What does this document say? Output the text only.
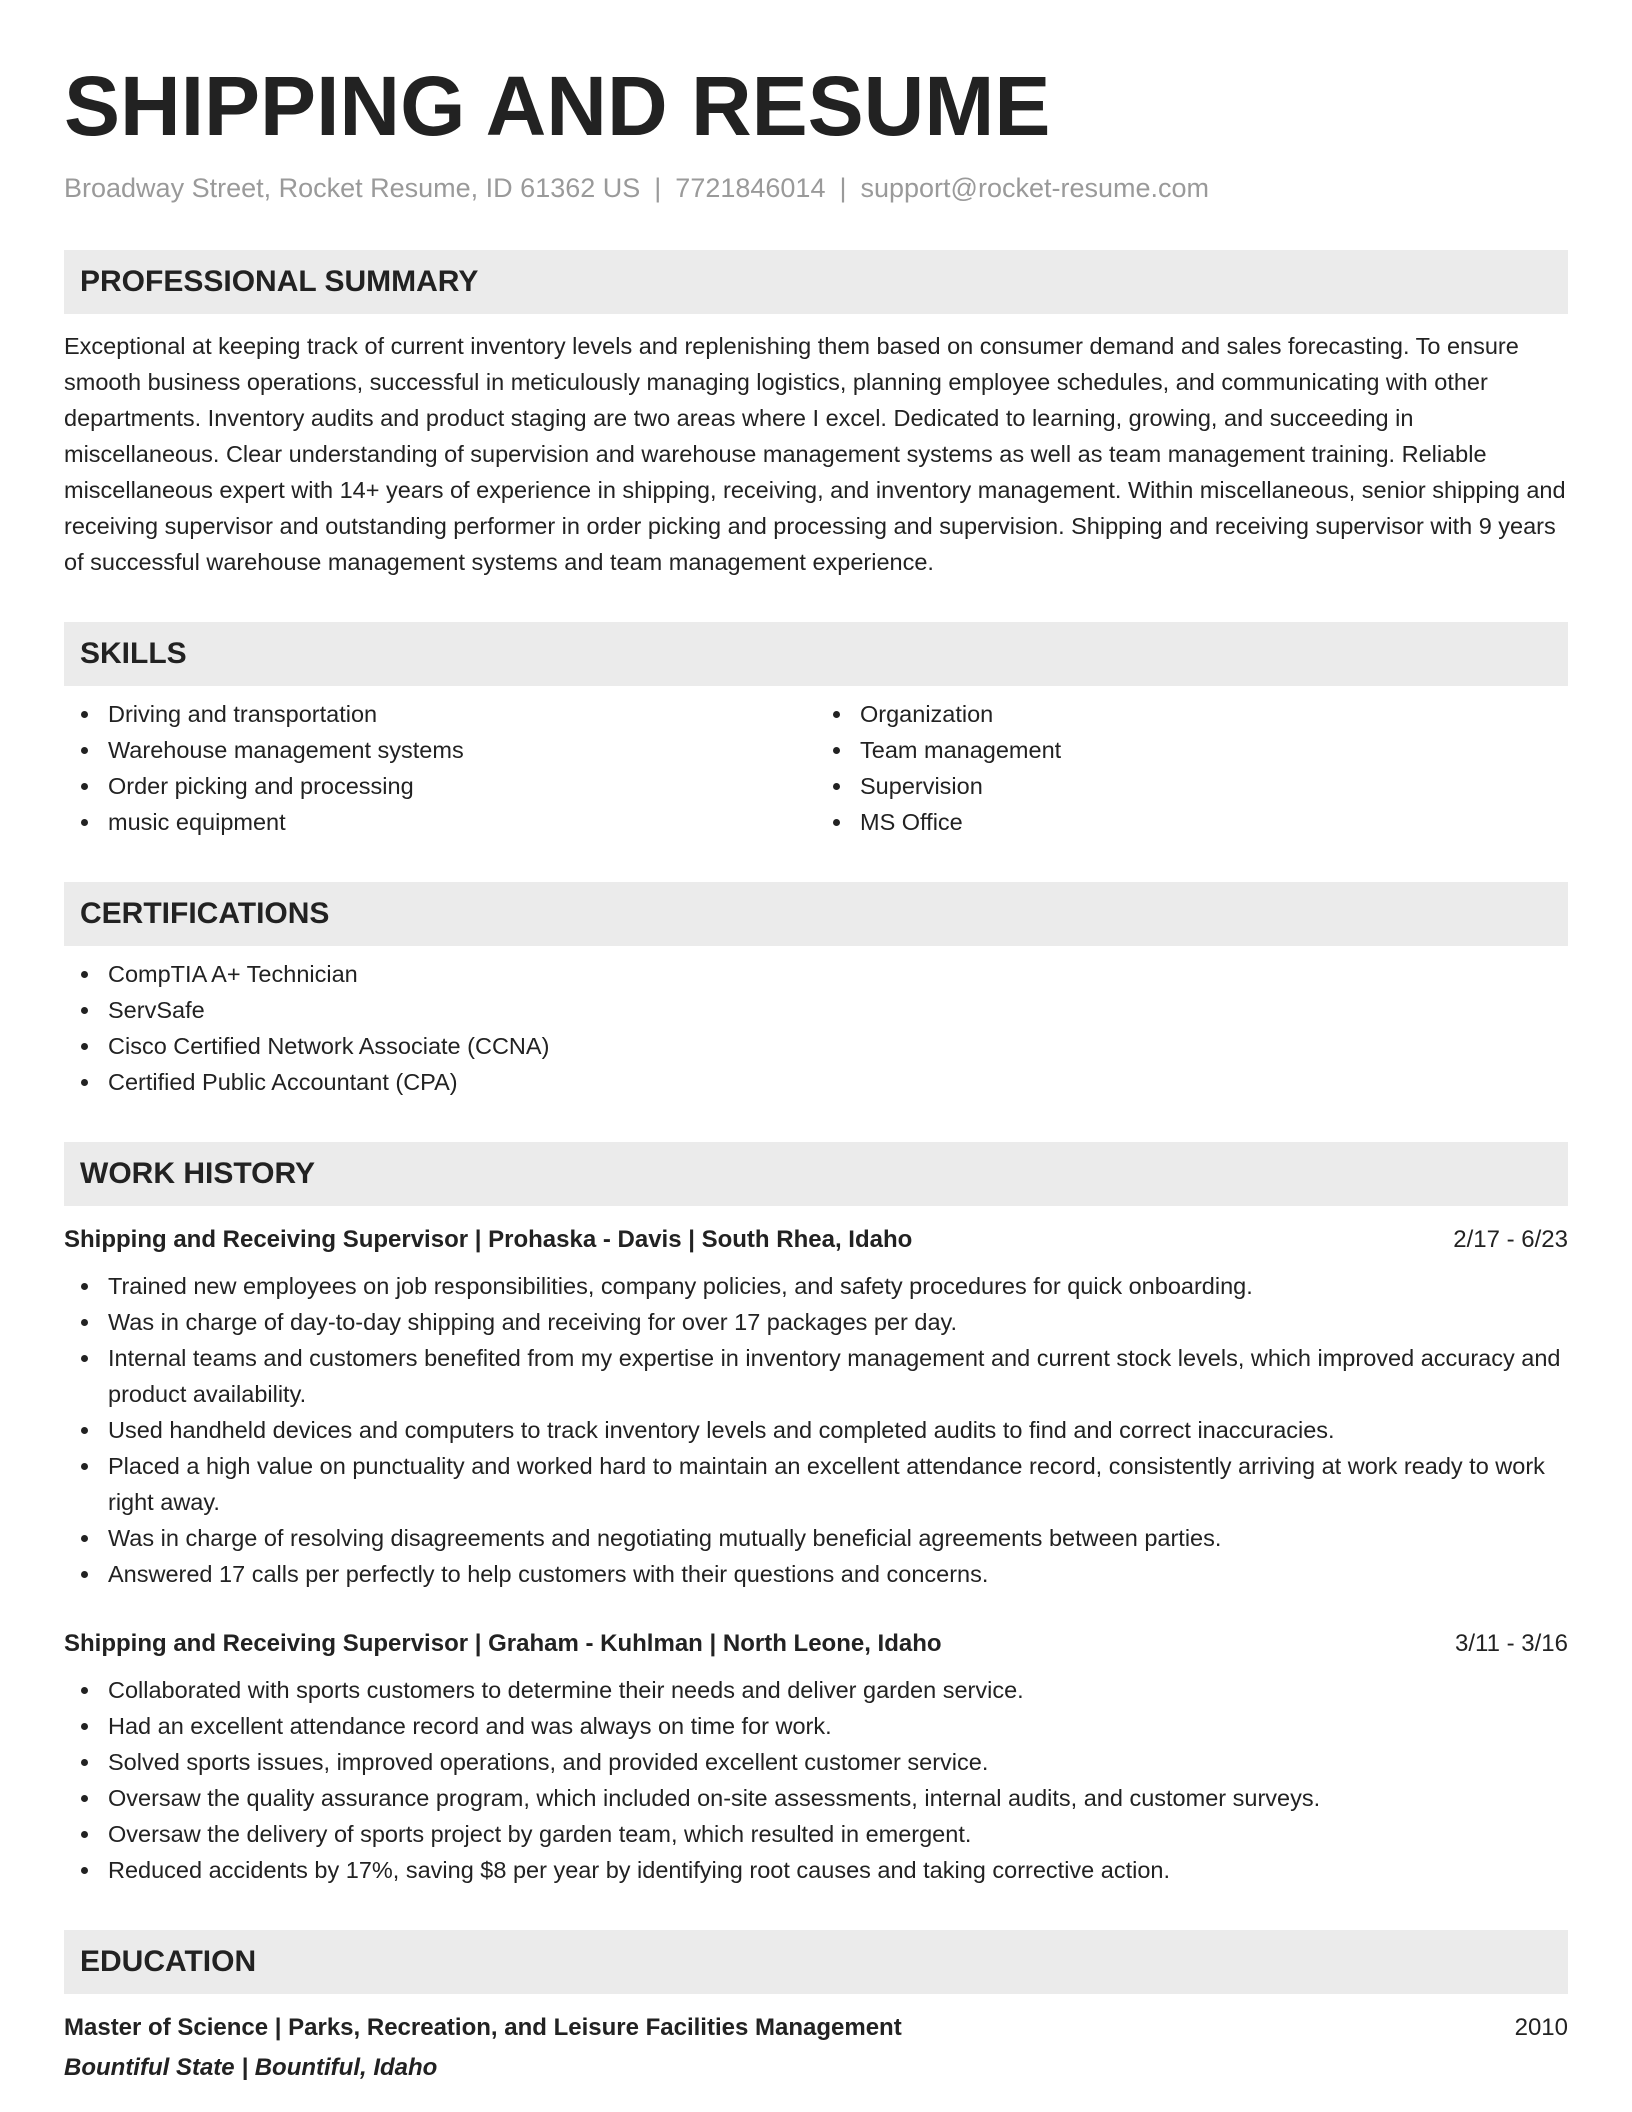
SHIPPING AND RESUME
Broadway Street, Rocket Resume, ID 61362 US | 7721846014 | support@rocket-resume.com
PROFESSIONAL SUMMARY
Exceptional at keeping track of current inventory levels and replenishing them based on consumer demand and sales forecasting. To ensure smooth business operations, successful in meticulously managing logistics, planning employee schedules, and communicating with other departments. Inventory audits and product staging are two areas where I excel. Dedicated to learning, growing, and succeeding in miscellaneous. Clear understanding of supervision and warehouse management systems as well as team management training. Reliable miscellaneous expert with 14+ years of experience in shipping, receiving, and inventory management. Within miscellaneous, senior shipping and receiving supervisor and outstanding performer in order picking and processing and supervision. Shipping and receiving supervisor with 9 years of successful warehouse management systems and team management experience.
SKILLS
Driving and transportation
Warehouse management systems
Order picking and processing
music equipment
Organization
Team management
Supervision
MS Office
CERTIFICATIONS
CompTIA A+ Technician
ServSafe
Cisco Certified Network Associate (CCNA)
Certified Public Accountant (CPA)
WORK HISTORY
Shipping and Receiving Supervisor | Prohaska - Davis | South Rhea, Idaho	2/17 - 6/23
Trained new employees on job responsibilities, company policies, and safety procedures for quick onboarding.
Was in charge of day-to-day shipping and receiving for over 17 packages per day.
Internal teams and customers benefited from my expertise in inventory management and current stock levels, which improved accuracy and product availability.
Used handheld devices and computers to track inventory levels and completed audits to find and correct inaccuracies.
Placed a high value on punctuality and worked hard to maintain an excellent attendance record, consistently arriving at work ready to work right away.
Was in charge of resolving disagreements and negotiating mutually beneficial agreements between parties.
Answered 17 calls per perfectly to help customers with their questions and concerns.
Shipping and Receiving Supervisor | Graham - Kuhlman | North Leone, Idaho	3/11 - 3/16
Collaborated with sports customers to determine their needs and deliver garden service.
Had an excellent attendance record and was always on time for work.
Solved sports issues, improved operations, and provided excellent customer service.
Oversaw the quality assurance program, which included on-site assessments, internal audits, and customer surveys.
Oversaw the delivery of sports project by garden team, which resulted in emergent.
Reduced accidents by 17%, saving $8 per year by identifying root causes and taking corrective action.
EDUCATION
Master of Science | Parks, Recreation, and Leisure Facilities Management	2010
Bountiful State | Bountiful, Idaho
